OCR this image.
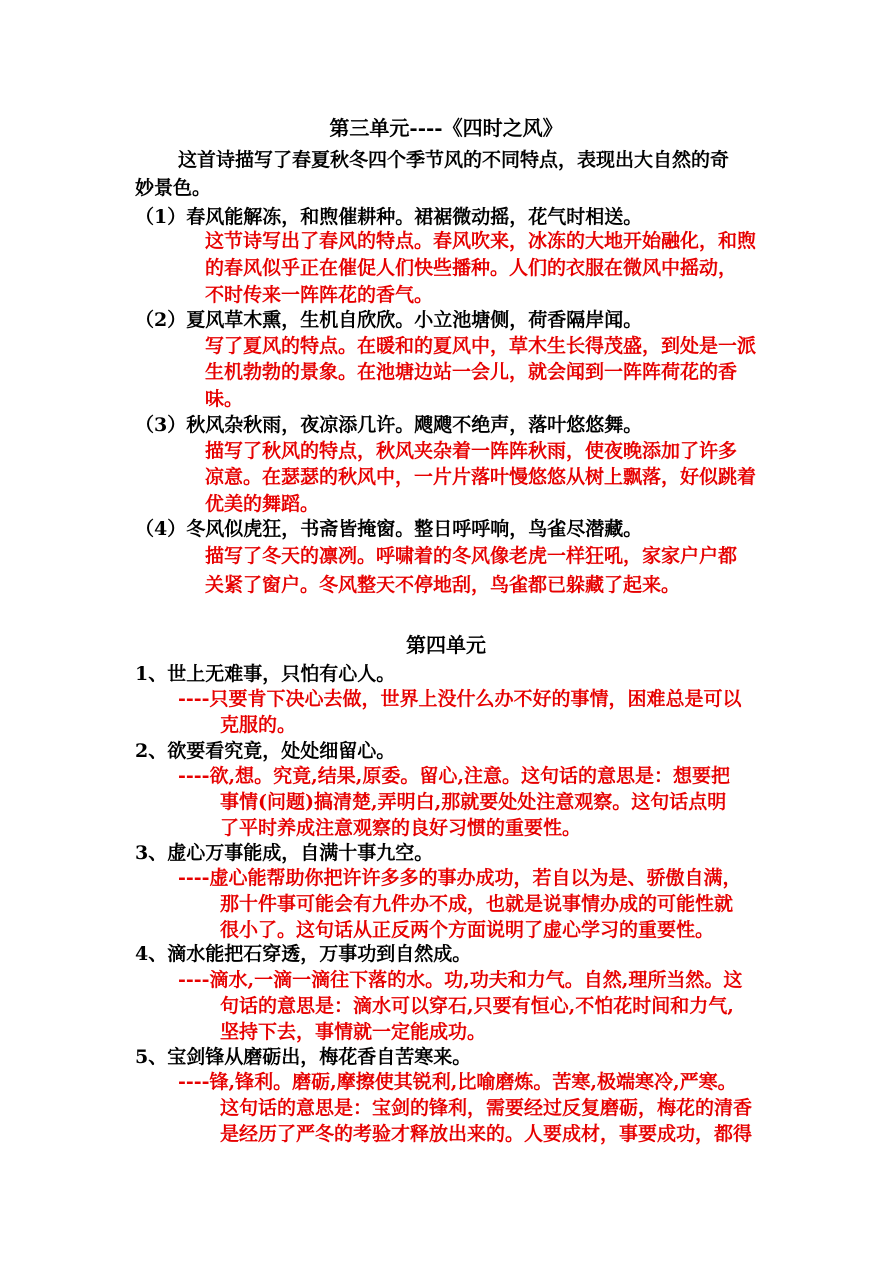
第三单元----《四时之风》
这首诗描写了春夏秋冬四个季节风的不同特点，表现出大自然的奇
妙景色。
（1）春风能解冻，和煦催耕种。裙裾微动摇，花气时相送。
这节诗写出了春风的特点。春风吹来，冰冻的大地开始融化，和煦
的春风似乎正在催促人们快些播种。人们的衣服在微风中摇动，
不时传来一阵阵花的香气。
（2）夏风草木熏，生机自欣欣。小立池塘侧，荷香隔岸闻。
写了夏风的特点。在暖和的夏风中，草木生长得茂盛，到处是一派
生机勃勃的景象。在池塘边站一会儿，就会闻到一阵阵荷花的香
味。
（3）秋风杂秋雨，夜凉添几许。飕飕不绝声，落叶悠悠舞。
描写了秋风的特点，秋风夹杂着一阵阵秋雨，使夜晚添加了许多
凉意。在瑟瑟的秋风中，一片片落叶慢悠悠从树上飘落，好似跳着
优美的舞蹈。
（4）冬风似虎狂，书斋皆掩窗。整日呼呼响，鸟雀尽潜藏。
描写了冬天的凛冽。呼啸着的冬风像老虎一样狂吼，家家户户都
关紧了窗户。冬风整天不停地刮，鸟雀都已躲藏了起来。
第四单元
1、世上无难事，只怕有心人。
----只要肯下决心去做，世界上没什么办不好的事情，困难总是可以
克服的。
2、欲要看究竟，处处细留心。
----欲,想。究竟,结果,原委。留心,注意。这句话的意思是：想要把
事情(问题)搞清楚,弄明白,那就要处处注意观察。这句话点明
了平时养成注意观察的良好习惯的重要性。
3、虚心万事能成，自满十事九空。
----虚心能帮助你把许许多多的事办成功，若自以为是、骄傲自满，
那十件事可能会有九件办不成，也就是说事情办成的可能性就
很小了。这句话从正反两个方面说明了虚心学习的重要性。
4、滴水能把石穿透，万事功到自然成。
----滴水,一滴一滴往下落的水。功,功夫和力气。自然,理所当然。这
句话的意思是：滴水可以穿石,只要有恒心,不怕花时间和力气,
坚持下去，事情就一定能成功。
5、宝剑锋从磨砺出，梅花香自苦寒来。
----锋,锋利。磨砺,摩擦使其锐利,比喻磨炼。苦寒,极端寒冷,严寒。
这句话的意思是：宝剑的锋利，需要经过反复磨砺，梅花的清香
是经历了严冬的考验才释放出来的。人要成材，事要成功，都得
